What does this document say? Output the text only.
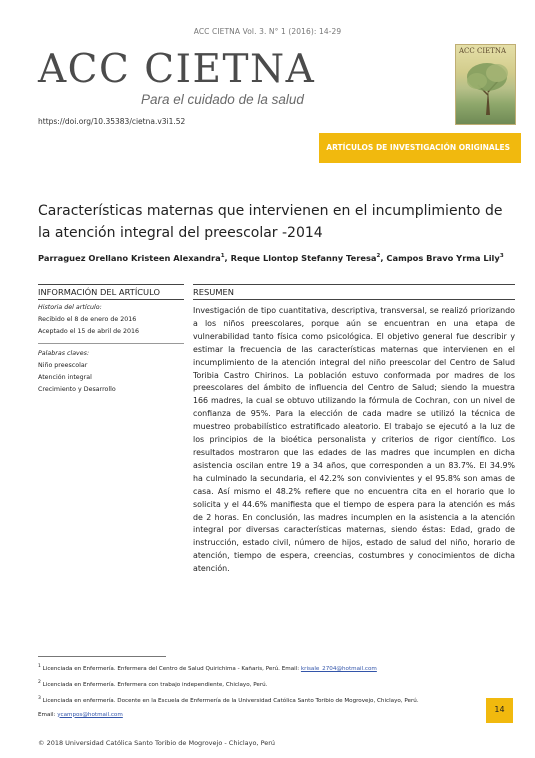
ACC CIETNA Vol. 3. N° 1 (2016): 14-29
ACC CIETNA
Para el cuidado de la salud
https://doi.org/10.35383/cietna.v3i1.52
ACC CIETNA
ARTÍCULOS DE INVESTIGACIÓN ORIGINALES
Características maternas que intervienen en el incumplimiento de la atención integral del preescolar -2014
Parraguez Orellano Kristeen Alexandra$^1$, Reque Llontop Stefanny Teresa$^2$, Campos Bravo Yrma Lily$^3$
INFORMACIÓN DEL ARTÍCULO	RESUMEN
Historia del artículo:
Recibido el 8 de enero de 2016
Aceptado el 15 de abril de 2016
Palabras claves:
Niño preescolar
Atención integral
Crecimiento y Desarrollo
Investigación de tipo cuantitativa, descriptiva, transversal, se realizó priorizando a los niños preescolares, porque aún se encuentran en una etapa de vulnerabilidad tanto física como psicológica. El objetivo general fue describir y estimar la frecuencia de las características maternas que intervienen en el incumplimiento de la atención integral del niño preescolar del Centro de Salud Toribia Castro Chirinos. La población estuvo conformada por madres de los preescolares del ámbito de influencia del Centro de Salud; siendo la muestra 166 madres, la cual se obtuvo utilizando la fórmula de Cochran, con un nivel de confianza de 95%. Para la elección de cada madre se utilizó la técnica de muestreo probabilístico estratificado aleatorio. El trabajo se ejecutó a la luz de los principios de la bioética personalista y criterios de rigor científico. Los resultados mostraron que las edades de las madres que incumplen en dicha asistencia oscilan entre 19 a 34 años, que corresponden a un 83.7%. El 34.9% ha culminado la secundaria, el 42.2% son convivientes y el 95.8% son amas de casa. Así mismo el 48.2% refiere que no encuentra cita en el horario que lo solicita y el 44.6% manifiesta que el tiempo de espera para la atención es más de 2 horas. En conclusión, las madres incumplen en la asistencia a la atención integral por diversas características maternas, siendo éstas: Edad, grado de instrucción, estado civil, número de hijos, estado de salud del niño, horario de atención, tiempo de espera, creencias, costumbres y conocimientos de dicha atención.
$^1$ Licenciada en Enfermería. Enfermera del Centro de Salud Quirichima - Kañaris, Perú. Email: krisale_2704@hotmail.com
$^2$ Licenciada en Enfermería. Enfermera con trabajo independiente, Chiclayo, Perú.
$^3$ Licenciada en enfermería. Docente en la Escuela de Enfermería de la Universidad Católica Santo Toribio de Mogrovejo, Chiclayo, Perú.
Email: ycampos@hotmail.com
14
© 2018 Universidad Católica Santo Toribio de Mogrovejo - Chiclayo, Perú
